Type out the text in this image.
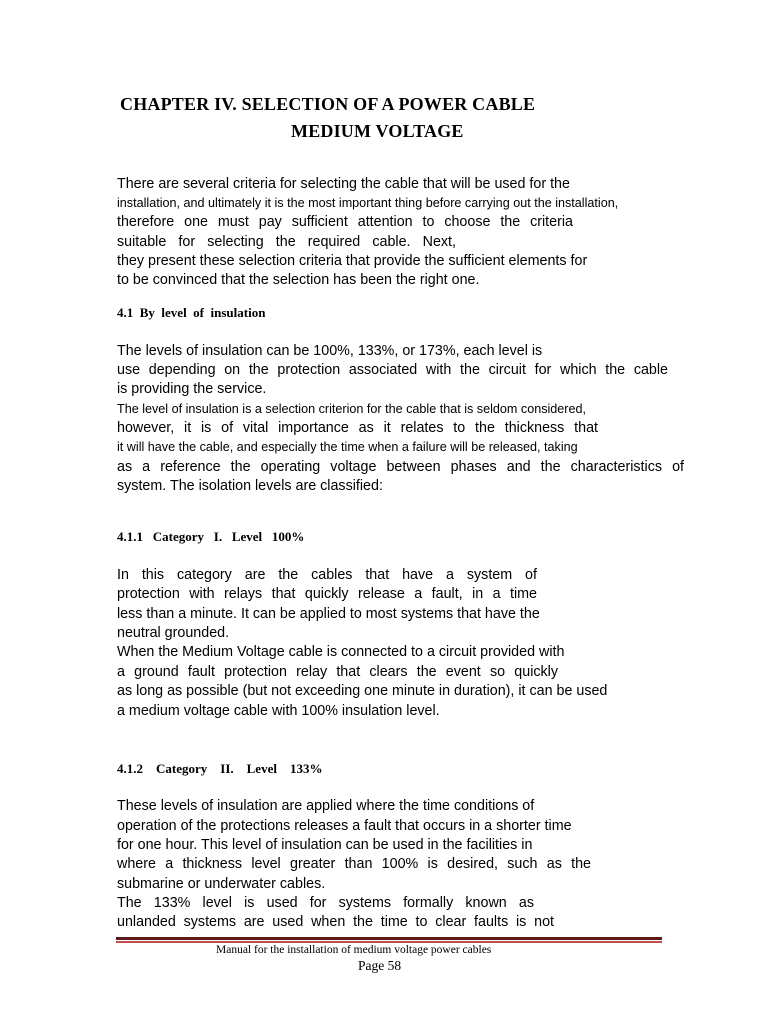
CHAPTER IV. SELECTION OF A POWER CABLE
MEDIUM VOLTAGE
There are several criteria for selecting the cable that will be used for the
installation, and ultimately it is the most important thing before carrying out the installation,
therefore one must pay sufficient attention to choose the criteria
suitable for selecting the required cable. Next,
they present these selection criteria that provide the sufficient elements for
to be convinced that the selection has been the right one.
4.1  By  level  of  insulation
The levels of insulation can be 100%, 133%, or 173%, each level is
use depending on the protection associated with the circuit for which the cable
is providing the service.
The level of insulation is a selection criterion for the cable that is seldom considered,
however, it is of vital importance as it relates to the thickness that
it will have the cable, and especially the time when a failure will be released, taking
as a reference the operating voltage between phases and the characteristics of
system. The isolation levels are classified:
4.1.1   Category   I.   Level   100%
In this category are the cables that have a system of
protection with relays that quickly release a fault, in a time
less than a minute. It can be applied to most systems that have the
neutral grounded.
When the Medium Voltage cable is connected to a circuit provided with
a ground fault protection relay that clears the event so quickly
as long as possible (but not exceeding one minute in duration), it can be used
a medium voltage cable with 100% insulation level.
4.1.2    Category    II.    Level    133%
These levels of insulation are applied where the time conditions of
operation of the protections releases a fault that occurs in a shorter time
for one hour. This level of insulation can be used in the facilities in
where a thickness level greater than 100% is desired, such as the
submarine or underwater cables.
The 133% level is used for systems formally known as
unlanded systems are used when the time to clear faults is not
Manual for the installation of medium voltage power cables
Page 58
